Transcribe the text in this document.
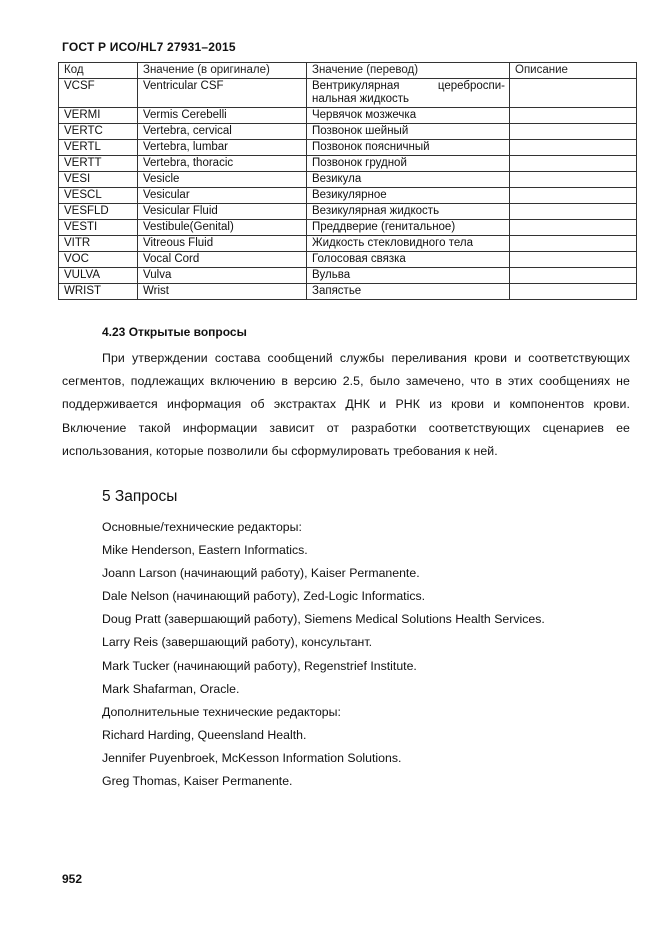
ГОСТ Р ИСО/HL7 27931–2015
Код	Значение (в оригинале)	Значение (перевод)	Описание
VCSF	Ventricular CSF	Вентрикулярная цереброспи-нальная жидкость	
VERMI	Vermis Cerebelli	Червячок мозжечка	
VERTC	Vertebra, cervical	Позвонок шейный	
VERTL	Vertebra, lumbar	Позвонок поясничный	
VERTT	Vertebra, thoracic	Позвонок грудной	
VESI	Vesicle	Везикула	
VESCL	Vesicular	Везикулярное	
VESFLD	Vesicular Fluid	Везикулярная жидкость	
VESTI	Vestibule(Genital)	Преддверие (генитальное)	
VITR	Vitreous Fluid	Жидкость стекловидного тела	
VOC	Vocal Cord	Голосовая связка	
VULVA	Vulva	Вульва	
WRIST	Wrist	Запястье	
4.23 Открытые вопросы
При утверждении состава сообщений службы переливания крови и соответствующих сегментов, подлежащих включению в версию 2.5, было замечено, что в этих сообщениях не поддерживается информация об экстрактах ДНК и РНК из крови и компонентов крови. Включение такой информации зависит от разработки соответствующих сценариев ее использования, которые позволили бы сформулировать требования к ней.
5 Запросы
Основные/технические редакторы:
Mike Henderson, Eastern Informatics.
Joann Larson (начинающий работу), Kaiser Permanente.
Dale Nelson (начинающий работу), Zed-Logic Informatics.
Doug Pratt (завершающий работу), Siemens Medical Solutions Health Services.
Larry Reis (завершающий работу), консультант.
Mark Tucker (начинающий работу), Regenstrief Institute.
Mark Shafarman, Oracle.
Дополнительные технические редакторы:
Richard Harding, Queensland Health.
Jennifer Puyenbroek, McKesson Information Solutions.
Greg Thomas, Kaiser Permanente.
952
